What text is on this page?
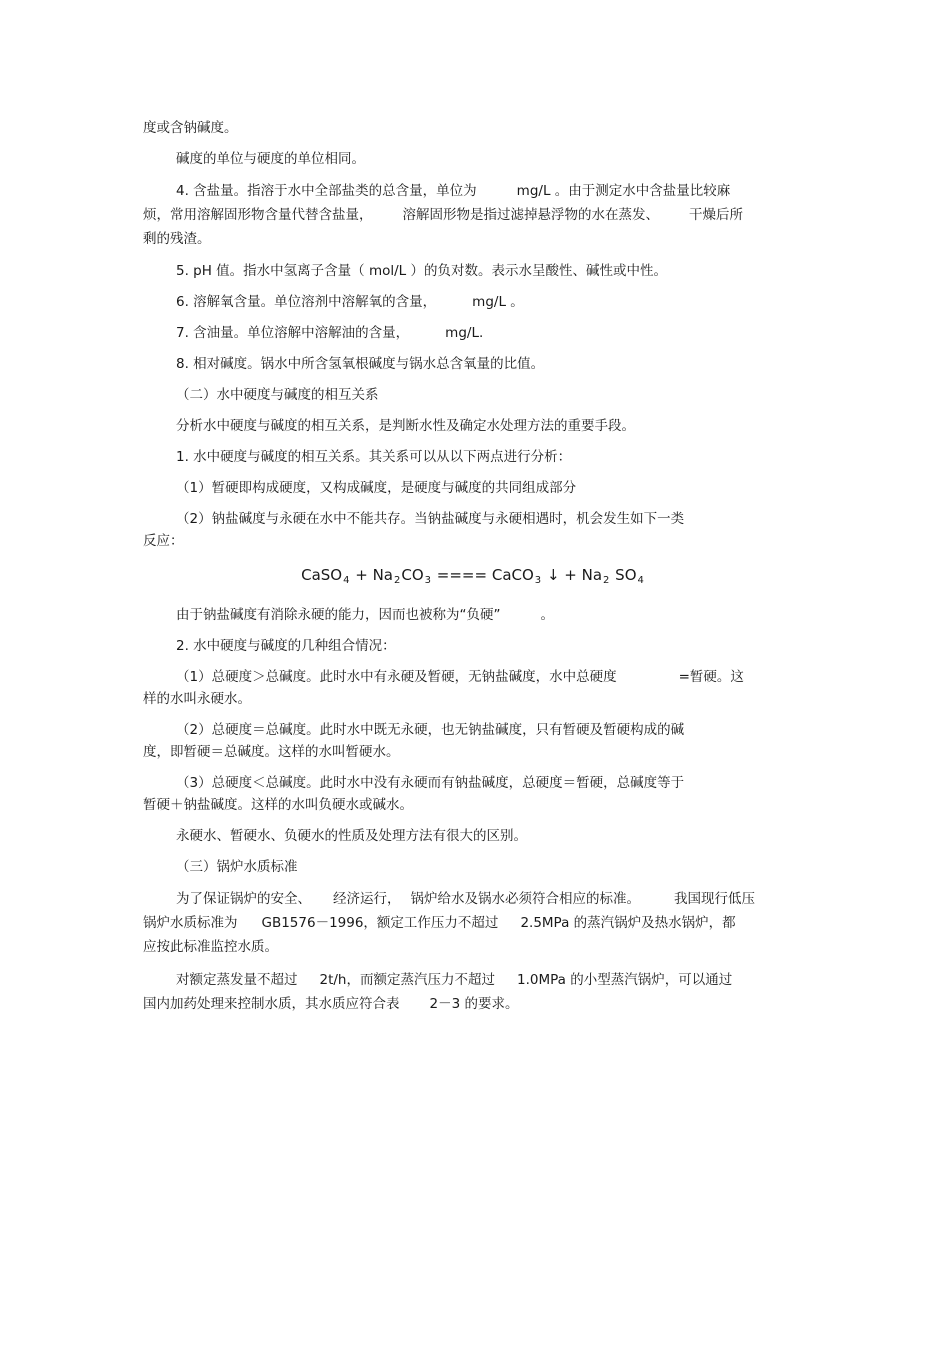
度或含钠碱度。

碱度的单位与硬度的单位相同。

4. 含盐量。指溶于水中全部盐类的总含量，单位为	mg/L 。由于测定水中含盐量比较麻

烦，常用溶解固形物含量代替含盐量， 溶解固形物是指过滤掉悬浮物的水在蒸发、 干燥后所

剩的残渣。

5. pH 值。指水中氢离子含量（ mol/L ）的负对数。表示水呈酸性、碱性或中性。

6. 溶解氧含量。单位溶剂中溶解氧的含量，	mg/L 。

7. 含油量。单位溶解中溶解油的含量，	mg/L.

8. 相对碱度。锅水中所含氢氧根碱度与锅水总含氧量的比值。

（二）水中硬度与碱度的相互关系

分析水中硬度与碱度的相互关系，是判断水性及确定水处理方法的重要手段。

1. 水中硬度与碱度的相互关系。其关系可以从以下两点进行分析：

（1）暂硬即构成硬度，又构成碱度，是硬度与碱度的共同组成部分

（2）钠盐碱度与永硬在水中不能共存。当钠盐碱度与永硬相遇时，机会发生如下一类

反应：

CaSO$_4$ + $Na_2CO_3$ ==== CaCO$_3$ ↓ + $Na_2$ $SO_4$

由于钠盐碱度有消除永硬的能力，因而也被称为“负硬”	。

2. 水中硬度与碱度的几种组合情况：

（1）总硬度＞总碱度。此时水中有永硬及暂硬，无钠盐碱度，水中总硬度	=暂硬。这

样的水叫永硬水。

（2）总硬度＝总碱度。此时水中既无永硬，也无钠盐碱度，只有暂硬及暂硬构成的碱

度，即暂硬＝总碱度。这样的水叫暂硬水。

（3）总硬度＜总碱度。此时水中没有永硬而有钠盐碱度，总硬度＝暂硬，总碱度等于

暂硬＋钠盐碱度。这样的水叫负硬水或碱水。

永硬水、暂硬水、负硬水的性质及处理方法有很大的区别。

（三）锅炉水质标准

为了保证锅炉的安全、 经济运行， 锅炉给水及锅水必须符合相应的标准。	我国现行低压

锅炉水质标准为 GB1576－1996，额定工作压力不超过 2.5MPa 的蒸汽锅炉及热水锅炉，都

应按此标准监控水质。

对额定蒸发量不超过 2t/h，而额定蒸汽压力不超过 1.0MPa 的小型蒸汽锅炉，可以通过

国内加药处理来控制水质，其水质应符合表 2－3 的要求。
